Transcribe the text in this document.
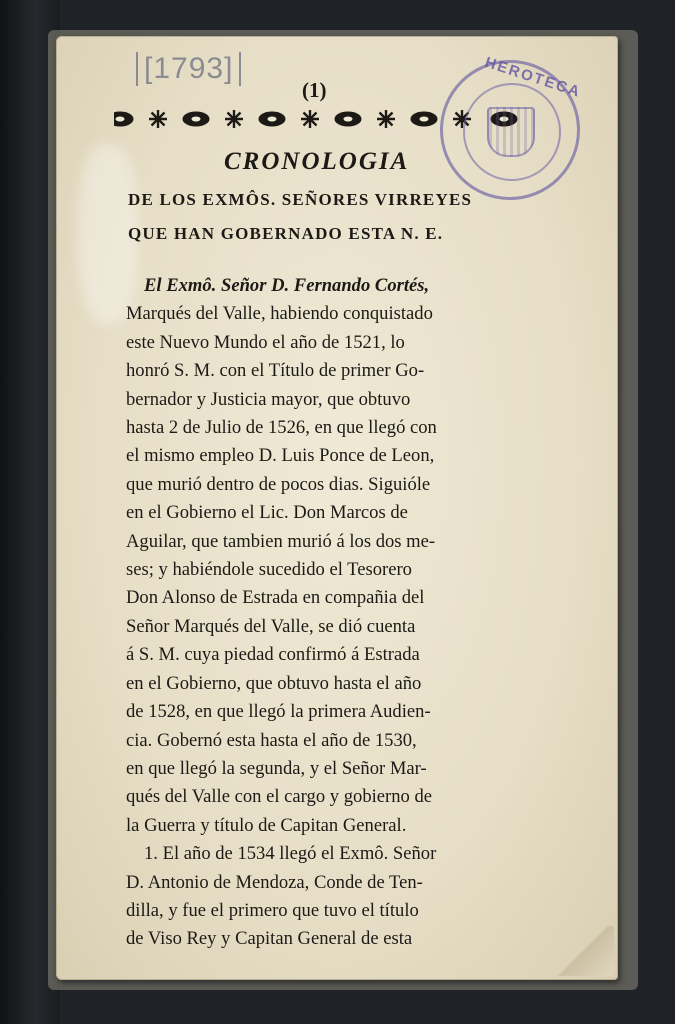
[1793]
(1)	HEROTECA
CRONOLOGIA
DE LOS EXMÔS. SEÑORES VIRREYES
QUE HAN GOBERNADO ESTA N. E.
El Exmô. Señor D. Fernando Cortés,
Marqués del Valle, habiendo conquistado
este Nuevo Mundo el año de 1521, lo
honró S. M. con el Título de primer Go-
bernador y Justicia mayor, que obtuvo
hasta 2 de Julio de 1526, en que llegó con
el mismo empleo D. Luis Ponce de Leon,
que murió dentro de pocos dias. Siguióle
en el Gobierno el Lic. Don Marcos de
Aguilar, que tambien murió á los dos me-
ses; y habiéndole sucedido el Tesorero
Don Alonso de Estrada en compañia del
Señor Marqués del Valle, se dió cuenta
á S. M. cuya piedad confirmó á Estrada
en el Gobierno, que obtuvo hasta el año
de 1528, en que llegó la primera Audien-
cia. Gobernó esta hasta el año de 1530,
en que llegó la segunda, y el Señor Mar-
qués del Valle con el cargo y gobierno de
la Guerra y título de Capitan General.
1. El año de 1534 llegó el Exmô. Señor
D. Antonio de Mendoza, Conde de Ten-
dilla, y fue el primero que tuvo el título
de Viso Rey y Capitan General de esta
